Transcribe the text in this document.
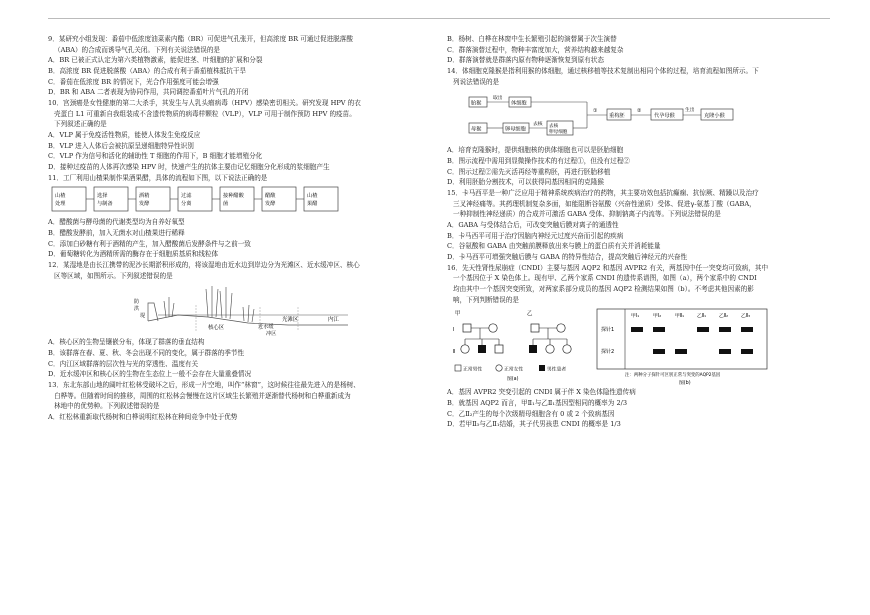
9．某研究小组发现：番茄中低浓度油菜素内酯（BR）可促进气孔张开，但高浓度 BR 可通过促进脱落酸

（ABA）的合成而诱导气孔关闭。下列有关说法错误的是

A．BR 已被正式认定为第六类植物激素，能促进茎、叶细胞的扩展和分裂

B．高浓度 BR 促进脱落酸（ABA）的合成有利于番茄植株抵抗干旱

C．番茄在低浓度 BR 的情况下，光合作用强度可能会增强

D．BR 和 ABA 二者表现为协同作用，共同调控番茄叶片气孔的开闭

10．宫颈癌是女性健康的第二大杀手，其发生与人乳头瘤病毒（HPV）感染密切相关。研究发现 HPV 的衣

壳蛋白 L1 可重新自我组装成不含遗传物质的病毒样颗粒（VLP），VLP 可用于制作预防 HPV 的疫苗。

下列叙述正确的是

A．VLP 属于免疫活性物质，能使人体发生免疫反应

B．VLP 进入人体后会被抗原呈递细胞特异性识别

C．VLP 作为信号和活化的辅助性 T 细胞的作用下，B 细胞才能增殖分化

D．接种过疫苗的人体再次感染 HPV 时，快速产生的抗体主要由记忆细胞分化形成的浆细胞产生

11．工厂利用山楂果制作果酒果醋，具体的流程如下图，以下说法正确的是

山楂
处理
选择
与制备
酒精
发酵
过滤
分离
接种醋酸
菌
醋酸
发酵
山楂
果醋

A．醋酸菌与酵母菌的代谢类型均为自养好氧型

B．醋酸发酵前，加入无菌水对山楂果进行稀释

C．添加白砂糖有利于酒精的产生，加入醋酸菌后发酵条件与之前一致

D．葡萄糖转化为酒精所需的酶存在于细胞质基质和线粒体

12．某湿地是由长江携带的泥沙长期淤积形成的，将该湿地由近水边到岸边分为光滩区、近水缓冲区、核心

区等区域，如图所示。下列叙述错误的是

防
洪
堤
核心区	近水缓
冲区
光滩区	内江

A．核心区的生物呈镶嵌分布，体现了群落的垂直结构

B．该群落在春、夏、秋、冬会出现不同的变化，属于群落的季节性

C．内江区域群落的层次性与光的穿透性、温度有关

D．近水缓冲区和核心区的生物在生态位上一般不会存在大量重叠情况

13．东北东部山地的阔叶红松林受破坏之后，形成一片空地，叫作“林窗”，这时候往往最先进入的是杨树、

白桦等。但随着时间的推移，周围的红松林会慢慢在这片区域生长繁殖并逐渐替代杨树和白桦重新成为

林地中的优势种。下列叙述错误的是

A．红松林重新取代杨树和白桦说明红松林在种间竞争中处于优势

B．杨树、白桦在林窗中生长繁殖引起的演替属于次生演替

C．群落演替过程中，物种丰富度加大，营养结构越来越复杂

D．群落演替就是群落内原有物种逐渐恢复到原有状态

14．体细胞克隆猴是指利用猴的体细胞，通过核移植等技术复制出相同个体的过程，培育流程如图所示。下

列说法错误的是

胎猴	体细胞
取出
母猴	卵母细胞	去核
卵母细胞
去核
①
重构胚
②
代孕母猴
生出
克隆小猴

A．培育克隆猴时，提供细胞核的供体细胞也可以是胚胎细胞

B．图示流程中需用到显微操作技术的有过程①，但没有过程②

C．图示过程②需先灭活再经等重构胚，再进行胚胎移植

D．利用胚胎分割技术，可以获得同基因相同的克隆猴

15．卡马西平是一种广泛应用于精神系统疾病治疗的药物，其主要功效包括抗癫痫、抗惊厥、精躁以及治疗

三叉神经痛等。其药理机制复杂多面，如能阻断谷氨酸（兴奋性递质）受体、促进γ-氨基丁酸（GABA，

一种抑制性神经递质）的合成并可激活 GABA 受体、抑制钠离子内流等。下列说法错误的是

A．GABA 与受体结合后，可改变突触后膜对离子的通透性

B．卡马西平可用于治疗因脑内神经元过度兴奋而引起的疾病

C．谷氨酸和 GABA 由突触前膜释放出来与膜上的蛋白质有关并消耗能量

D．卡马西平可增强突触后膜与 GABA 的特异性结合，提高突触后神经元的兴奋性

16．先天性肾性尿崩症（CNDI）主要与基因 AQP2 和基因 AVPR2 有关，两基因中任一突变均可致病，其中

一个基因位于 X 染色体上。现有甲、乙两个家系 CNDI 的遗传系谱图，如图（a），两个家系中的 CNDI

均由其中一个基因突变所致，对两家系部分成员的基因 AQP2 检测结果如图（b）。不考虑其他因素的影

响，下列判断错误的是

甲
Ⅰ
Ⅱ
乙
正常男性	正常女性	男性患者
图(a)
甲Ⅰ₁	甲Ⅰ₂	甲Ⅱ₁	乙Ⅱ₁	乙Ⅱ₂	乙Ⅱ₃
探针1
探针2
注：两种分子探针可区别正常与突变的AQP2基因
图(b)

A．基因 AVPR2 突变引起的 CNDI 属于伴 X 染色体隐性遗传病

B．就基因 AQP2 而言，甲Ⅱ₁与乙Ⅱ₁基因型相同的概率为 2/3

C．乙Ⅱ₂产生的每个次级精母细胞含有 0 或 2 个致病基因

D．若甲Ⅱ₃与乙Ⅱ₁结婚，其子代男孩患 CNDI 的概率是 1/3
